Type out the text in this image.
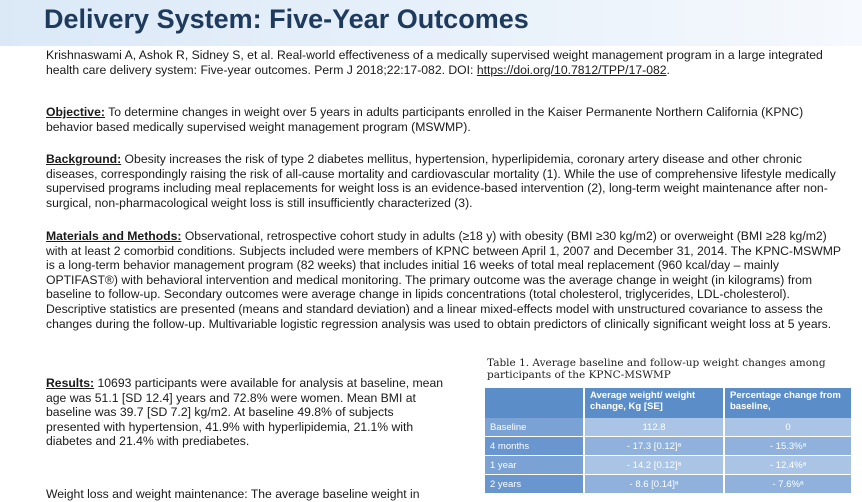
Delivery System: Five-Year Outcomes

Krishnaswami A, Ashok R, Sidney S, et al. Real-world effectiveness of a medically supervised weight management program in a large integrated health care delivery system: Five-year outcomes. Perm J 2018;22:17-082. DOI: https://doi.org/10.7812/TPP/17-082.

Objective: To determine changes in weight over 5 years in adults participants enrolled in the Kaiser Permanente Northern California (KPNC) behavior based medically supervised weight management program (MSWMP).

Background: Obesity increases the risk of type 2 diabetes mellitus, hypertension, hyperlipidemia, coronary artery disease and other chronic diseases, correspondingly raising the risk of all-cause mortality and cardiovascular mortality (1). While the use of comprehensive lifestyle medically supervised programs including meal replacements for weight loss is an evidence-based intervention (2), long-term weight maintenance after non-surgical, non-pharmacological weight loss is still insufficiently characterized (3).

Materials and Methods: Observational, retrospective cohort study in adults (≥18 y) with obesity (BMI ≥30 kg/m2) or overweight (BMI ≥28 kg/m2) with at least 2 comorbid conditions. Subjects included were members of KPNC between April 1, 2007 and December 31, 2014. The KPNC-MSWMP is a long-term behavior management program (82 weeks) that includes initial 16 weeks of total meal replacement (960 kcal/day – mainly OPTIFAST®) with behavioral intervention and medical monitoring. The primary outcome was the average change in weight (in kilograms) from baseline to follow-up. Secondary outcomes were average change in lipids concentrations (total cholesterol, triglycerides, LDL-cholesterol). Descriptive statistics are presented (means and standard deviation) and a linear mixed-effects model with unstructured covariance to assess the changes during the follow-up. Multivariable logistic regression analysis was used to obtain predictors of clinically significant weight loss at 5 years.

Results: 10693 participants were available for analysis at baseline, mean age was 51.1 [SD 12.4] years and 72.8% were women. Mean BMI at baseline was 39.7 [SD 7.2] kg/m2. At baseline 49.8% of subjects presented with hypertension, 41.9% with hyperlipidemia, 21.1% with diabetes and 21.4% with prediabetes.

Weight loss and weight maintenance: The average baseline weight in

Table 1. Average baseline and follow-up weight changes among participants of the KPNC-MSWMP

	Average weight/ weight change, Kg [SE]	Percentage change from baseline,
Baseline	112.8	0
4 months	- 17.3 [0.12]ᵃ	- 15.3%ᵃ
1 year	- 14.2 [0.12]ᵃ	- 12.4%ᵃ
2 years	- 8.6 [0.14]ᵃ	- 7.6%ᵃ
